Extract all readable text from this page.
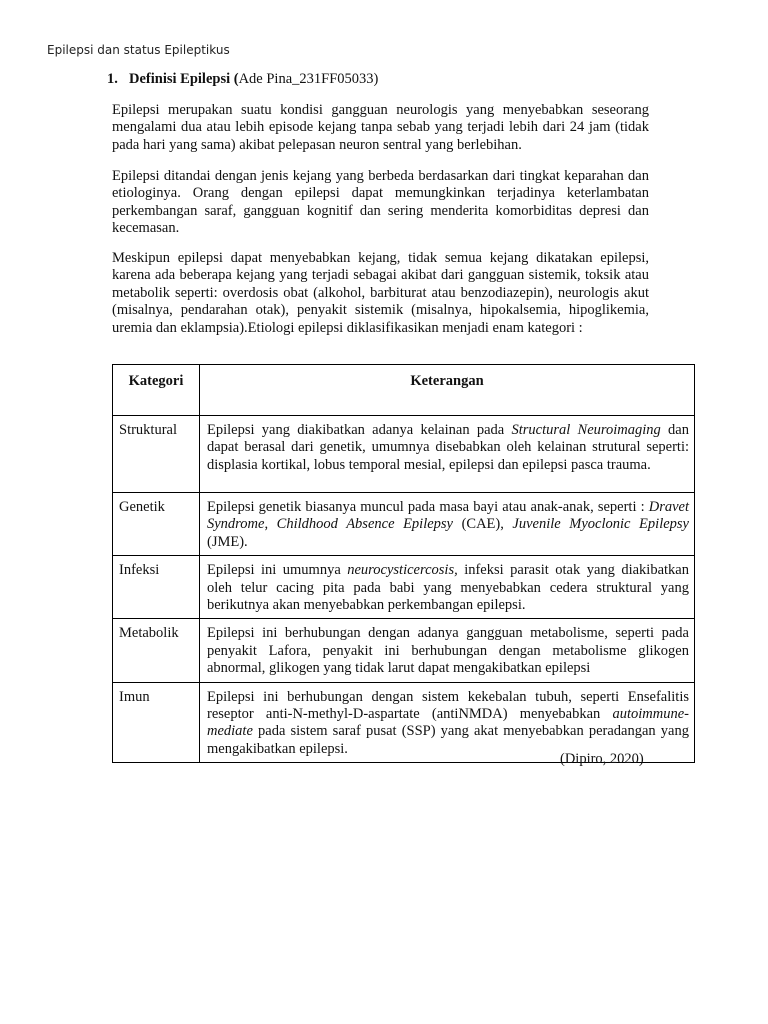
Epilepsi dan status Epileptikus
1. Definisi Epilepsi (Ade Pina_231FF05033)

Epilepsi merupakan suatu kondisi gangguan neurologis yang menyebabkan seseorang mengalami dua atau lebih episode kejang tanpa sebab yang terjadi lebih dari 24 jam (tidak pada hari yang sama) akibat pelepasan neuron sentral yang berlebihan.

Epilepsi ditandai dengan jenis kejang yang berbeda berdasarkan dari tingkat keparahan dan etiologinya. Orang dengan epilepsi dapat memungkinkan terjadinya keterlambatan perkembangan saraf, gangguan kognitif dan sering menderita komorbiditas depresi dan kecemasan.

Meskipun epilepsi dapat menyebabkan kejang, tidak semua kejang dikatakan epilepsi, karena ada beberapa kejang yang terjadi sebagai akibat dari gangguan sistemik, toksik atau metabolik seperti: overdosis obat (alkohol, barbiturat atau benzodiazepin), neurologis akut (misalnya, pendarahan otak), penyakit sistemik (misalnya, hipokalsemia, hipoglikemia, uremia dan eklampsia).Etiologi epilepsi diklasifikasikan menjadi enam kategori :

Kategori	Keterangan
Struktural	Epilepsi yang diakibatkan adanya kelainan pada Structural Neuroimaging dan dapat berasal dari genetik, umumnya disebabkan oleh kelainan strutural seperti: displasia kortikal, lobus temporal mesial, epilepsi dan epilepsi pasca trauma.
Genetik	Epilepsi genetik biasanya muncul pada masa bayi atau anak-anak, seperti : Dravet Syndrome, Childhood Absence Epilepsy (CAE), Juvenile Myoclonic Epilepsy (JME).
Infeksi	Epilepsi ini umumnya neurocysticercosis, infeksi parasit otak yang diakibatkan oleh telur cacing pita pada babi yang menyebabkan cedera struktural yang berikutnya akan menyebabkan perkembangan epilepsi.
Metabolik	Epilepsi ini berhubungan dengan adanya gangguan metabolisme, seperti pada penyakit Lafora, penyakit ini berhubungan dengan metabolisme glikogen abnormal, glikogen yang tidak larut dapat mengakibatkan epilepsi
Imun	Epilepsi ini berhubungan dengan sistem kekebalan tubuh, seperti Ensefalitis reseptor anti-N-methyl-D-aspartate (antiNMDA) menyebabkan autoimmune- mediate pada sistem saraf pusat (SSP) yang akat menyebabkan peradangan yang mengakibatkan epilepsi.
(Dipiro, 2020)
